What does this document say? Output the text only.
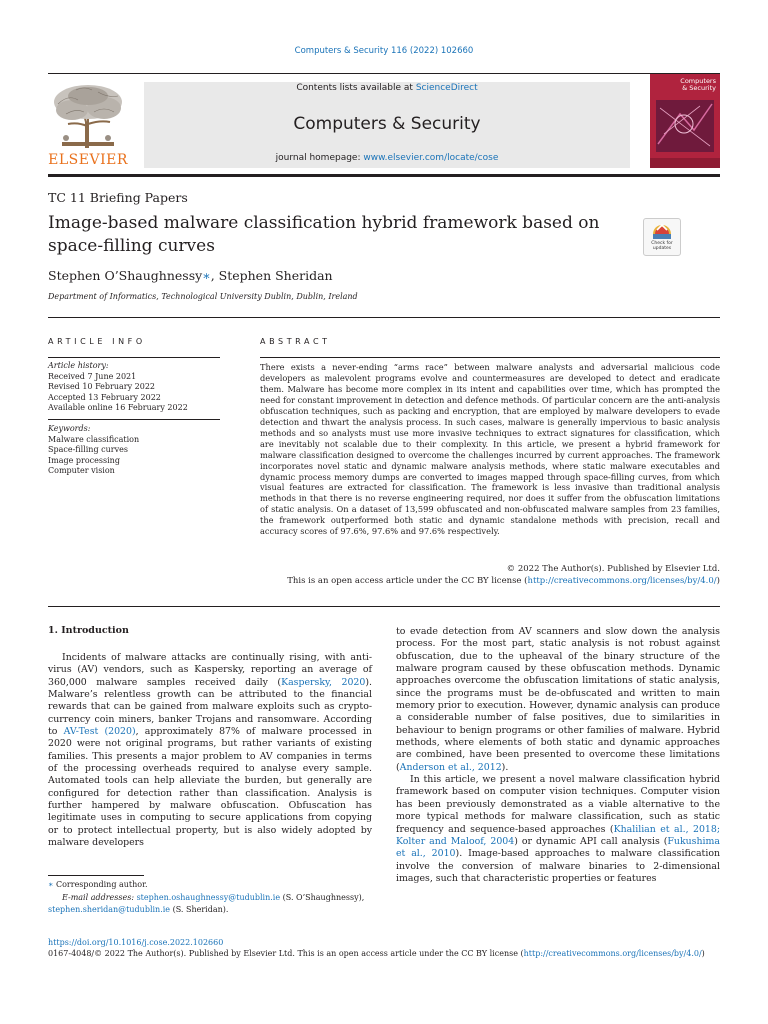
Computers & Security 116 (2022) 102660
ELSEVIER
Contents lists available at ScienceDirect
Computers & Security
journal homepage: www.elsevier.com/locate/cose
Computers
& Security
TC 11 Briefing Papers
Image-based malware classification hybrid framework based on space-filling curves	Check for updates
Stephen O’Shaughnessy∗, Stephen Sheridan
Department of Informatics, Technological University Dublin, Dublin, Ireland
ARTICLE INFO	ABSTRACT
Article history:
Received 7 June 2021
Revised 10 February 2022
Accepted 13 February 2022
Available online 16 February 2022
Keywords:
Malware classification
Space-filling curves
Image processing
Computer vision
There exists a never-ending “arms race” between malware analysts and adversarial malicious code developers as malevolent programs evolve and countermeasures are developed to detect and eradicate them. Malware has become more complex in its intent and capabilities over time, which has prompted the need for constant improvement in detection and defence methods. Of particular concern are the anti-analysis obfuscation techniques, such as packing and encryption, that are employed by malware developers to evade detection and thwart the analysis process. In such cases, malware is generally impervious to basic analysis methods and so analysts must use more invasive techniques to extract signatures for classification, which are inevitably not scalable due to their complexity. In this article, we present a hybrid framework for malware classification designed to overcome the challenges incurred by current approaches. The framework incorporates novel static and dynamic malware analysis methods, where static malware executables and dynamic process memory dumps are converted to images mapped through space-filling curves, from which visual features are extracted for classification. The framework is less invasive than traditional analysis methods in that there is no reverse engineering required, nor does it suffer from the obfuscation limitations of static analysis. On a dataset of 13,599 obfuscated and non-obfuscated malware samples from 23 families, the framework outperformed both static and dynamic standalone methods with precision, recall and accuracy scores of 97.6%, 97.6% and 97.6% respectively.
© 2022 The Author(s). Published by Elsevier Ltd.
This is an open access article under the CC BY license (http://creativecommons.org/licenses/by/4.0/)
1. Introduction

Incidents of malware attacks are continually rising, with anti-virus (AV) vendors, such as Kaspersky, reporting an average of 360,000 malware samples received daily (Kaspersky, 2020). Malware’s relentless growth can be attributed to the financial rewards that can be gained from malware exploits such as crypto-currency coin miners, banker Trojans and ransomware. According to AV-Test (2020), approximately 87% of malware processed in 2020 were not original programs, but rather variants of existing families. This presents a major problem to AV companies in terms of the processing overheads required to analyse every sample. Automated tools can help alleviate the burden, but generally are configured for detection rather than classification. Analysis is further hampered by malware obfuscation. Obfuscation has legitimate uses in computing to secure applications from copying or to protect intellectual property, but is also widely adopted by malware developers

to evade detection from AV scanners and slow down the analysis process. For the most part, static analysis is not robust against obfuscation, due to the upheaval of the binary structure of the malware program caused by these obfuscation methods. Dynamic approaches overcome the obfuscation limitations of static analysis, since the programs must be de-obfuscated and written to main memory prior to execution. However, dynamic analysis can produce a considerable number of false positives, due to similarities in behaviour to benign programs or other families of malware. Hybrid methods, where elements of both static and dynamic approaches are combined, have been presented to overcome these limitations (Anderson et al., 2012).

In this article, we present a novel malware classification hybrid framework based on computer vision techniques. Computer vision has been previously demonstrated as a viable alternative to the more typical methods for malware classification, such as static frequency and sequence-based approaches (Khalilian et al., 2018; Kolter and Maloof, 2004) or dynamic API call analysis (Fukushima et al., 2010). Image-based approaches to malware classification involve the conversion of malware binaries to 2-dimensional images, such that characteristic properties or features

∗ Corresponding author.
E-mail addresses: stephen.oshaughnessy@tudublin.ie (S. O’Shaughnessy),
stephen.sheridan@tudublin.ie (S. Sheridan).
https://doi.org/10.1016/j.cose.2022.102660
0167-4048/© 2022 The Author(s). Published by Elsevier Ltd. This is an open access article under the CC BY license (http://creativecommons.org/licenses/by/4.0/)
